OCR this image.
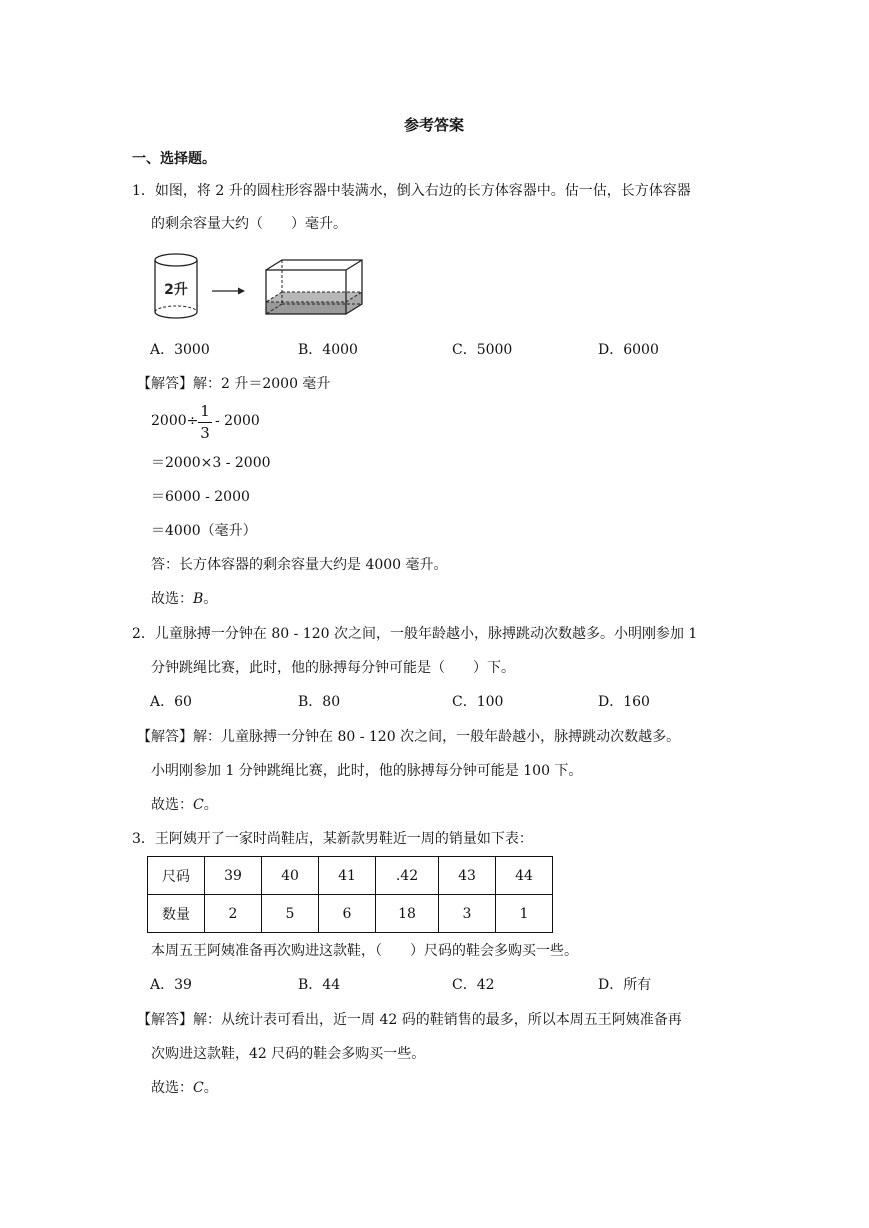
参考答案
一、选择题。
1．如图，将 2 升的圆柱形容器中装满水，倒入右边的长方体容器中。估一估，长方体容器
的剩余容量大约（　　）毫升。
2升
A．3000	B．4000	C．5000	D．6000
【解答】解：2 升＝2000 毫升
2000÷
1
3
- 2000
＝2000×3 - 2000
＝6000 - 2000
＝4000（毫升）
答：长方体容器的剩余容量大约是 4000 毫升。
故选：B。
2．儿童脉搏一分钟在 80 - 120 次之间，一般年龄越小，脉搏跳动次数越多。小明刚参加 1
分钟跳绳比赛，此时，他的脉搏每分钟可能是（　　）下。
A．60	B．80	C．100	D．160
【解答】解：儿童脉搏一分钟在 80 - 120 次之间，一般年龄越小，脉搏跳动次数越多。
小明刚参加 1 分钟跳绳比赛，此时，他的脉搏每分钟可能是 100 下。
故选：C。
3．王阿姨开了一家时尚鞋店，某新款男鞋近一周的销量如下表：
尺码	39	40	41	.42	43	44
数量	2	5	6	18	3	1
本周五王阿姨准备再次购进这款鞋，（　　）尺码的鞋会多购买一些。
A．39	B．44	C．42	D．所有
【解答】解：从统计表可看出，近一周 42 码的鞋销售的最多，所以本周五王阿姨准备再
次购进这款鞋，42 尺码的鞋会多购买一些。
故选：C。
